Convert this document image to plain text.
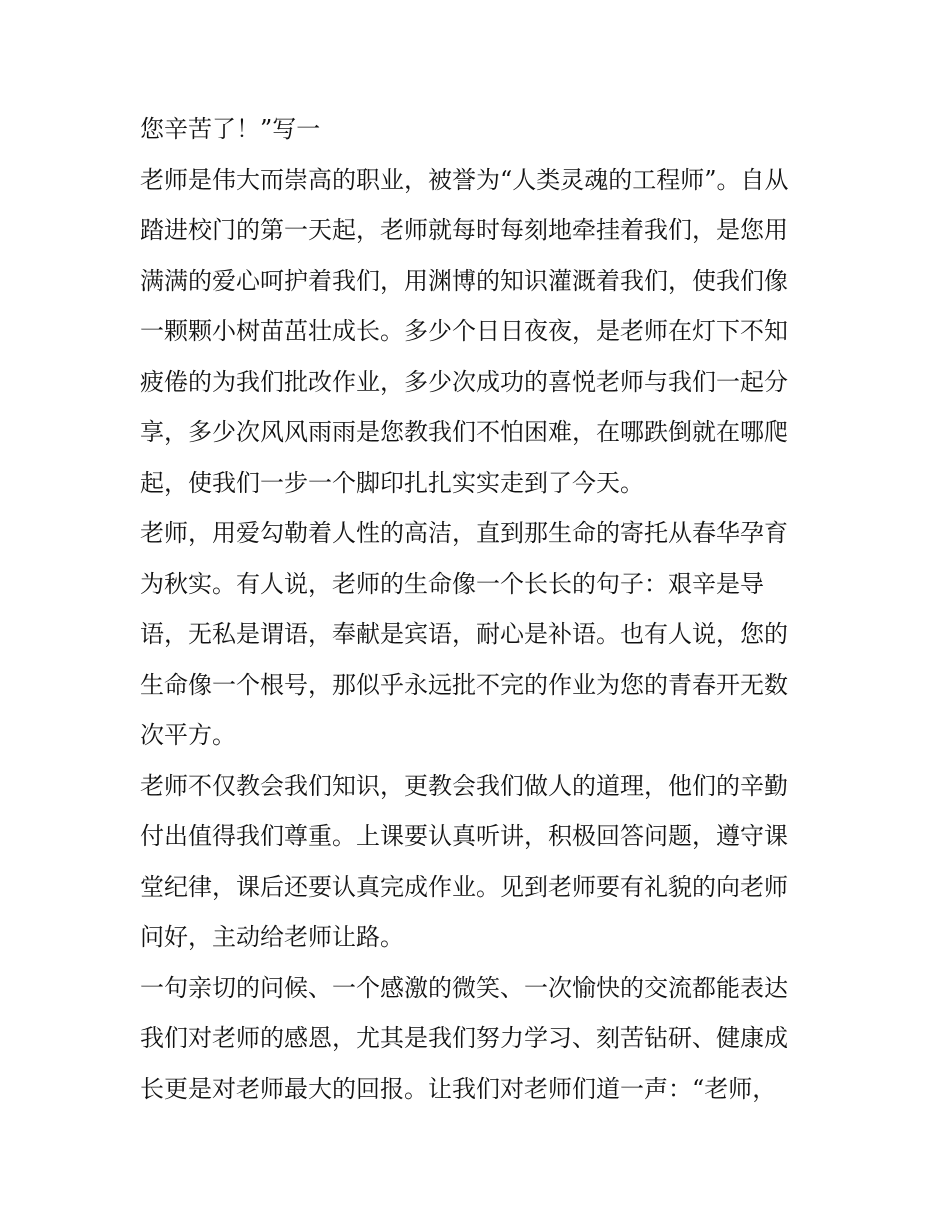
您辛苦了！”写一
老师是伟大而崇高的职业，被誉为“人类灵魂的工程师”。自从
踏进校门的第一天起，老师就每时每刻地牵挂着我们，是您用
满满的爱心呵护着我们，用渊博的知识灌溉着我们，使我们像
一颗颗小树苗茁壮成长。多少个日日夜夜，是老师在灯下不知
疲倦的为我们批改作业，多少次成功的喜悦老师与我们一起分
享，多少次风风雨雨是您教我们不怕困难，在哪跌倒就在哪爬
起，使我们一步一个脚印扎扎实实走到了今天。
老师，用爱勾勒着人性的高洁，直到那生命的寄托从春华孕育
为秋实。有人说，老师的生命像一个长长的句子：艰辛是导
语，无私是谓语，奉献是宾语，耐心是补语。也有人说，您的
生命像一个根号，那似乎永远批不完的作业为您的青春开无数
次平方。
老师不仅教会我们知识，更教会我们做人的道理，他们的辛勤
付出值得我们尊重。上课要认真听讲，积极回答问题，遵守课
堂纪律，课后还要认真完成作业。见到老师要有礼貌的向老师
问好，主动给老师让路。
一句亲切的问候、一个感激的微笑、一次愉快的交流都能表达
我们对老师的感恩，尤其是我们努力学习、刻苦钻研、健康成
长更是对老师最大的回报。让我们对老师们道一声：“老师，
